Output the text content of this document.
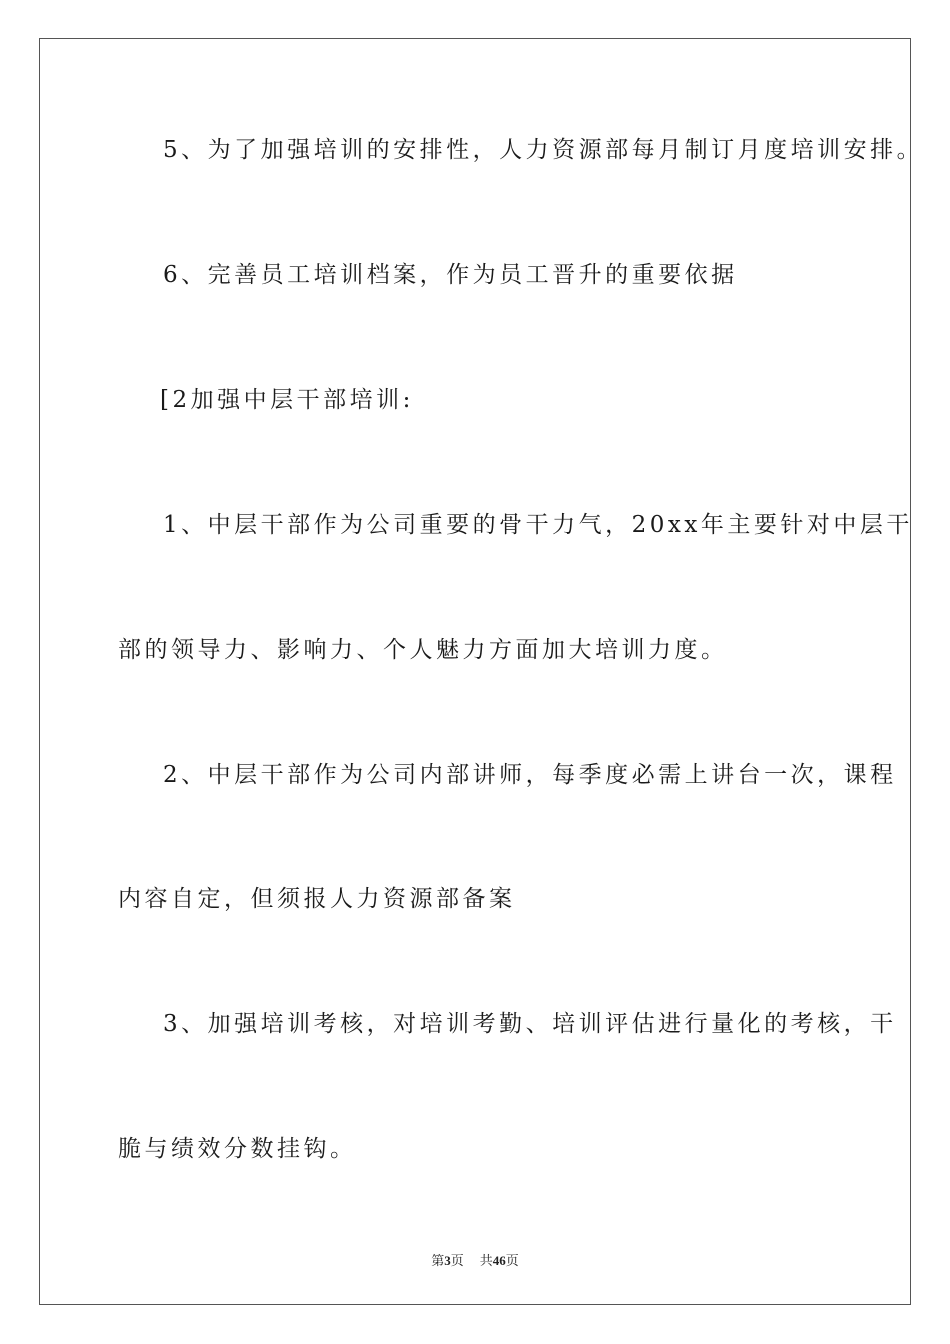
5、为了加强培训的安排性，人力资源部每月制订月度培训安排。
6、完善员工培训档案，作为员工晋升的重要依据
[2加强中层干部培训:
1、中层干部作为公司重要的骨干力气，20xx年主要针对中层干
部的领导力、影响力、个人魅力方面加大培训力度。
2、中层干部作为公司内部讲师，每季度必需上讲台一次，课程
内容自定，但须报人力资源部备案
3、加强培训考核，对培训考勤、培训评估进行量化的考核，干
脆与绩效分数挂钩。
第3页 共46页
